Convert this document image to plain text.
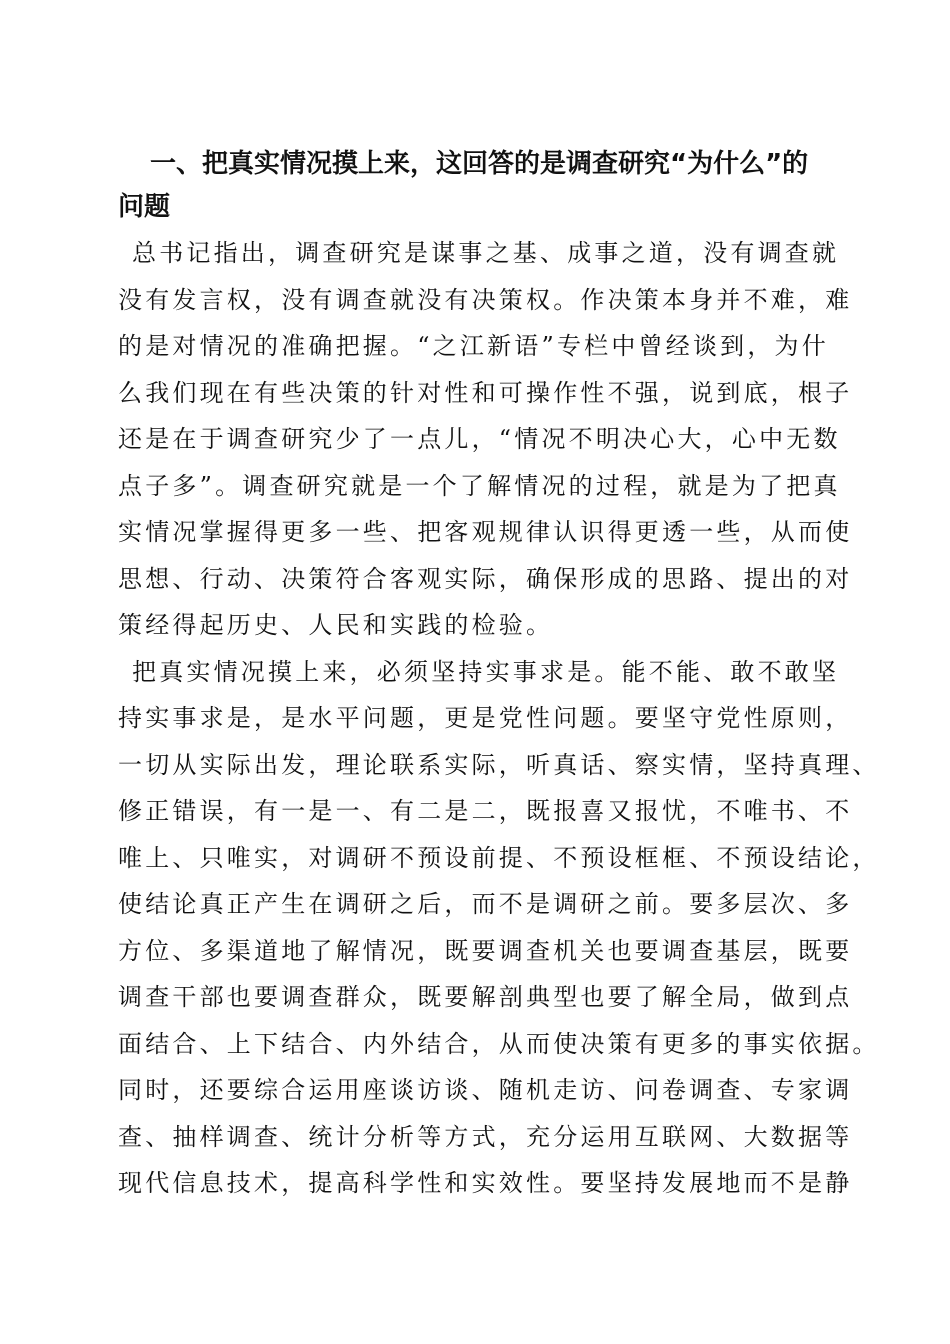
一、把真实情况摸上来，这回答的是调查研究“为什么”的
问题

总书记指出，调查研究是谋事之基、成事之道，没有调查就
没有发言权，没有调查就没有决策权。作决策本身并不难，难
的是对情况的准确把握。“之江新语”专栏中曾经谈到，为什
么我们现在有些决策的针对性和可操作性不强，说到底，根子
还是在于调查研究少了一点儿，“情况不明决心大，心中无数
点子多”。调查研究就是一个了解情况的过程，就是为了把真
实情况掌握得更多一些、把客观规律认识得更透一些，从而使
思想、行动、决策符合客观实际，确保形成的思路、提出的对
策经得起历史、人民和实践的检验。

把真实情况摸上来，必须坚持实事求是。能不能、敢不敢坚
持实事求是，是水平问题，更是党性问题。要坚守党性原则，
一切从实际出发，理论联系实际，听真话、察实情，坚持真理、
修正错误，有一是一、有二是二，既报喜又报忧，不唯书、不
唯上、只唯实，对调研不预设前提、不预设框框、不预设结论，
使结论真正产生在调研之后，而不是调研之前。要多层次、多
方位、多渠道地了解情况，既要调查机关也要调查基层，既要
调查干部也要调查群众，既要解剖典型也要了解全局，做到点
面结合、上下结合、内外结合，从而使决策有更多的事实依据。
同时，还要综合运用座谈访谈、随机走访、问卷调查、专家调
查、抽样调查、统计分析等方式，充分运用互联网、大数据等
现代信息技术，提高科学性和实效性。要坚持发展地而不是静
